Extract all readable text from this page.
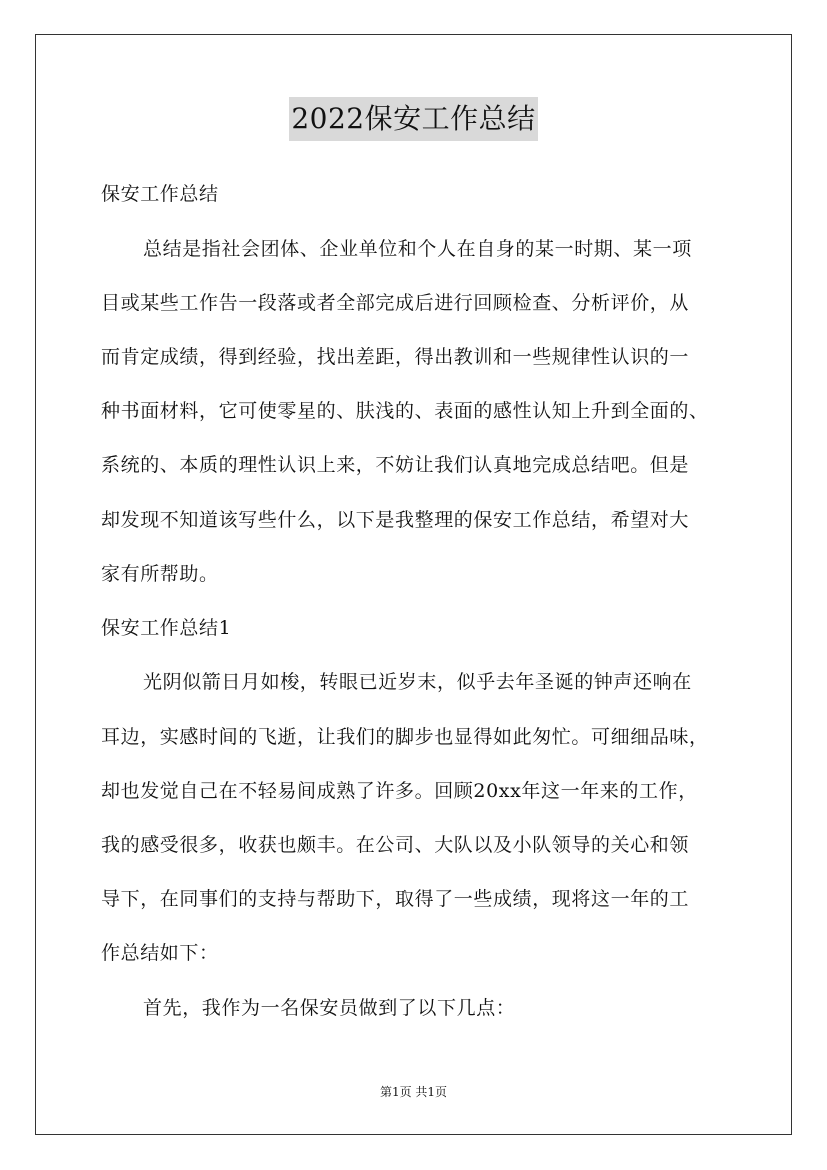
2022保安工作总结
保安工作总结
总结是指社会团体、企业单位和个人在自身的某一时期、某一项
目或某些工作告一段落或者全部完成后进行回顾检查、分析评价，从
而肯定成绩，得到经验，找出差距，得出教训和一些规律性认识的一
种书面材料，它可使零星的、肤浅的、表面的感性认知上升到全面的、
系统的、本质的理性认识上来，不妨让我们认真地完成总结吧。但是
却发现不知道该写些什么，以下是我整理的保安工作总结，希望对大
家有所帮助。
保安工作总结1
光阴似箭日月如梭，转眼已近岁末，似乎去年圣诞的钟声还响在
耳边，实感时间的飞逝，让我们的脚步也显得如此匆忙。可细细品味，
却也发觉自己在不轻易间成熟了许多。回顾20xx年这一年来的工作，
我的感受很多，收获也颇丰。在公司、大队以及小队领导的关心和领
导下，在同事们的支持与帮助下，取得了一些成绩，现将这一年的工
作总结如下：
首先，我作为一名保安员做到了以下几点：
第1页 共1页
